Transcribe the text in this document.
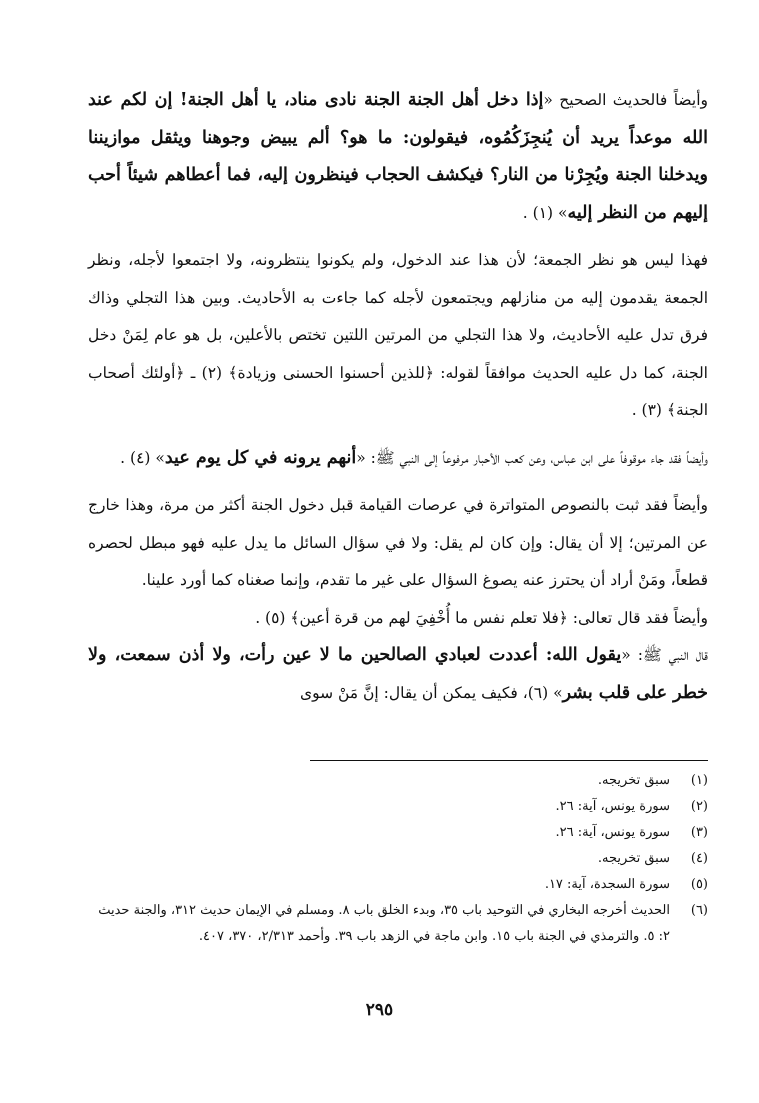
وأيضاً فالحديث الصحيح «إذا دخل أهل الجنة الجنة نادى مناد، يا أهل الجنة! إن لكم عند الله موعداً يريد أن يُنجِزَكُمُوه، فيقولون: ما هو؟ ألم يبيض وجوهنا ويثقل موازيننا ويدخلنا الجنة ويُجِرْنا من النار؟ فيكشف الحجاب فينظرون إليه، فما أعطاهم شيئاً أحب إليهم من النظر إليه» (١) .

فهذا ليس هو نظر الجمعة؛ لأن هذا عند الدخول، ولم يكونوا ينتظرونه، ولا اجتمعوا لأجله، ونظر الجمعة يقدمون إليه من منازلهم ويجتمعون لأجله كما جاءت به الأحاديث. وبين هذا التجلي وذاك فرق تدل عليه الأحاديث، ولا هذا التجلي من المرتين اللتين تختص بالأعلين، بل هو عام لِمَنْ دخل الجنة، كما دل عليه الحديث موافقاً لقوله: ﴿للذين أحسنوا الحسنى وزيادة﴾ (٢) ـ ﴿أولئك أصحاب الجنة﴾ (٣) .

وأيضاً فقد جاء موقوفاً على ابن عباس، وعن كعب الأحبار مرفوعاً إلى النبي ﷺ: «أنهم يرونه في كل يوم عيد» (٤) .

وأيضاً فقد ثبت بالنصوص المتواترة في عرصات القيامة قبل دخول الجنة أكثر من مرة، وهذا خارج عن المرتين؛ إلا أن يقال: وإن كان لم يقل: ولا في سؤال السائل ما يدل عليه فهو مبطل لحصره قطعاً، ومَنْ أراد أن يحترز عنه يصوغ السؤال على غير ما تقدم، وإنما صغناه كما أورد علينا.

وأيضاً فقد قال تعالى: ﴿فلا تعلم نفس ما أُخْفِيَ لهم من قرة أعين﴾ (٥) .

قال النبي ﷺ: «يقول الله: أعددت لعبادي الصالحين ما لا عين رأت، ولا أذن سمعت، ولا خطر على قلب بشر» (٦)، فكيف يمكن أن يقال: إنَّ مَنْ سوى

(١)
سبق تخريجه.
(٢)
سورة يونس، آية: ٢٦.
(٣)
سورة يونس، آية: ٢٦.
(٤)
سبق تخريجه.
(٥)
سورة السجدة، آية: ١٧.
(٦)
الحديث أخرجه البخاري في التوحيد باب ٣٥، وبدء الخلق باب ٨. ومسلم في الإيمان حديث ٣١٢، والجنة حديث ٢: ٥. والترمذي في الجنة باب ١٥. وابن ماجة في الزهد باب ٣٩. وأحمد ٢/٣١٣، ٣٧٠، ٤٠٧.
٢٩٥
